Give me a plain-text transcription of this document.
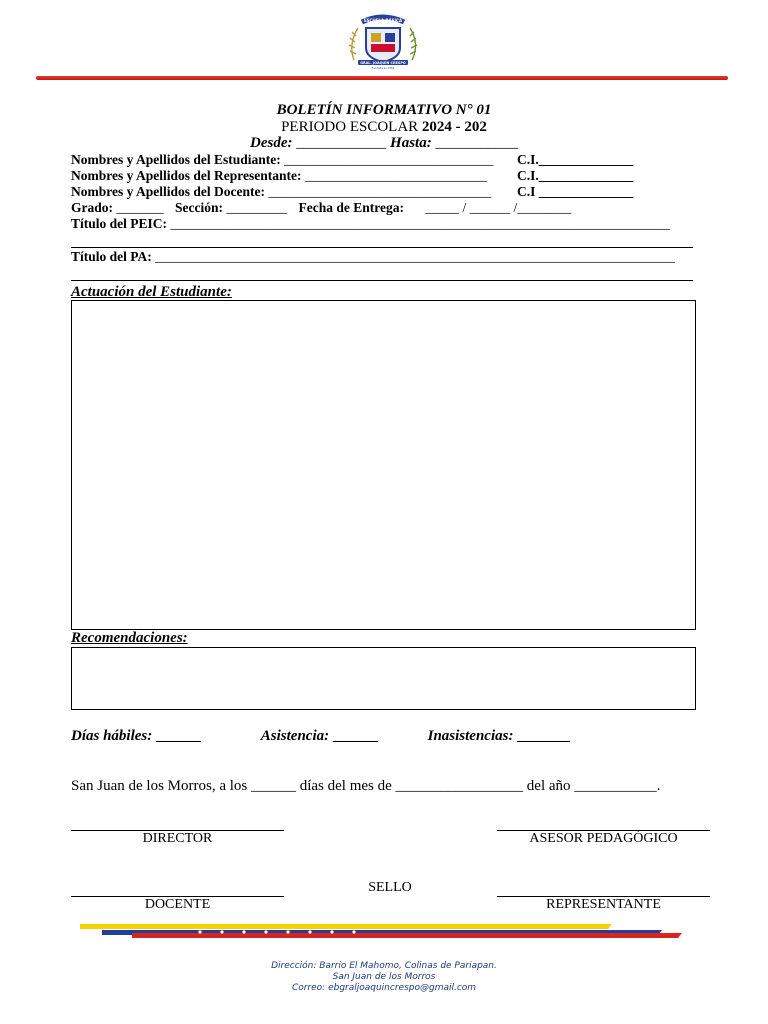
ESCUELA BÁSICA
GRAL. JOAQUÍN CRESPO
Fundada en 1954
BOLETÍN INFORMATIVO N° 01
PERIODO ESCOLAR 2024 - 202
Desde: ____________ Hasta: ___________
Nombres y Apellidos del Estudiante: _______________________________ C.I.______________
Nombres y Apellidos del Representante: ___________________________ C.I.______________
Nombres y Apellidos del Docente: _________________________________ C.I ______________
Grado: _______ Sección: _________ Fecha de Entrega: _____ / ______ /________
Título del PEIC: __________________________________________________________________________
Título del PA: _____________________________________________________________________________
Actuación del Estudiante:
Recomendaciones:
Días hábiles: ______	Asistencia: ______	Inasistencias: _______
San Juan de los Morros, a los ______ días del mes de _________________ del año ___________.
DIRECTOR	ASESOR PEDAGÓGICO
SELLO
DOCENTE	REPRESENTANTE
Dirección: Barrio El Mahomo, Colinas de Pariapan.
San Juan de los Morros
Correo: ebgraljoaquincrespo@gmail.com
